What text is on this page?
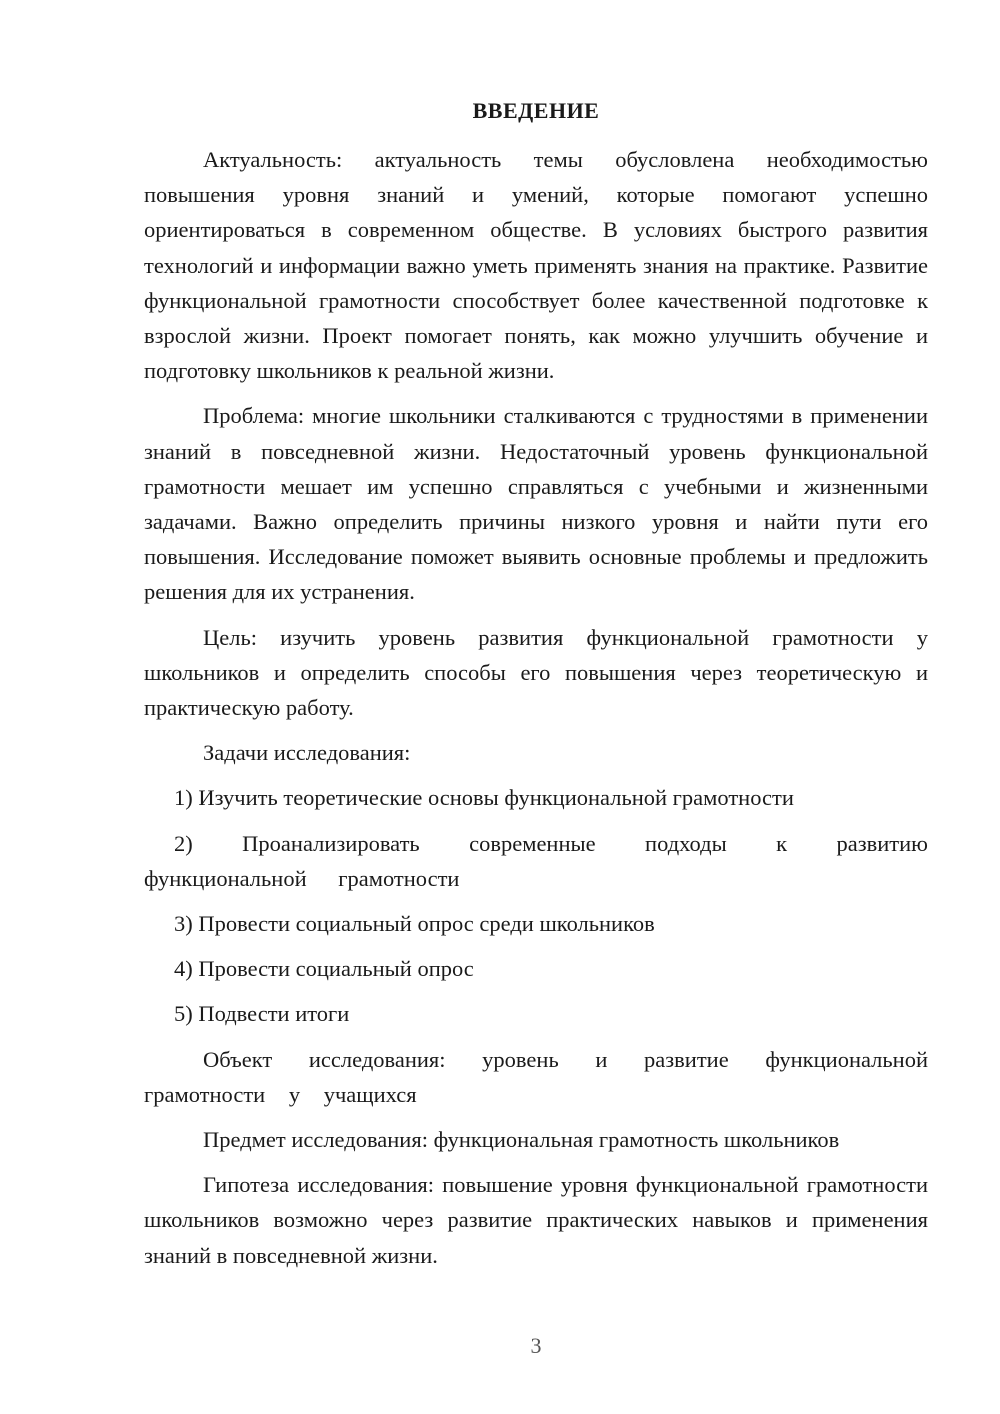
ВВЕДЕНИЕ

Актуальность: актуальность темы обусловлена необходимостью повышения уровня знаний и умений, которые помогают успешно ориентироваться в современном обществе. В условиях быстрого развития технологий и информации важно уметь применять знания на практике. Развитие функциональной грамотности способствует более качественной подготовке к взрослой жизни. Проект помогает понять, как можно улучшить обучение и подготовку школьников к реальной жизни.

Проблема: многие школьники сталкиваются с трудностями в применении знаний в повседневной жизни. Недостаточный уровень функциональной грамотности мешает им успешно справляться с учебными и жизненными задачами. Важно определить причины низкого уровня и найти пути его повышения. Исследование поможет выявить основные проблемы и предложить решения для их устранения.

Цель: изучить уровень развития функциональной грамотности у школьников и определить способы его повышения через теоретическую и практическую работу.

Задачи исследования:

1) Изучить теоретические основы функциональной грамотности

2) Проанализировать современные подходы к развитию функциональной грамотности

3) Провести социальный опрос среди школьников

4) Провести социальный опрос

5) Подвести итоги

Объект исследования: уровень и развитие функциональной грамотности у учащихся

Предмет исследования: функциональная грамотность школьников

Гипотеза исследования: повышение уровня функциональной грамотности школьников возможно через развитие практических навыков и применения знаний в повседневной жизни.

3
